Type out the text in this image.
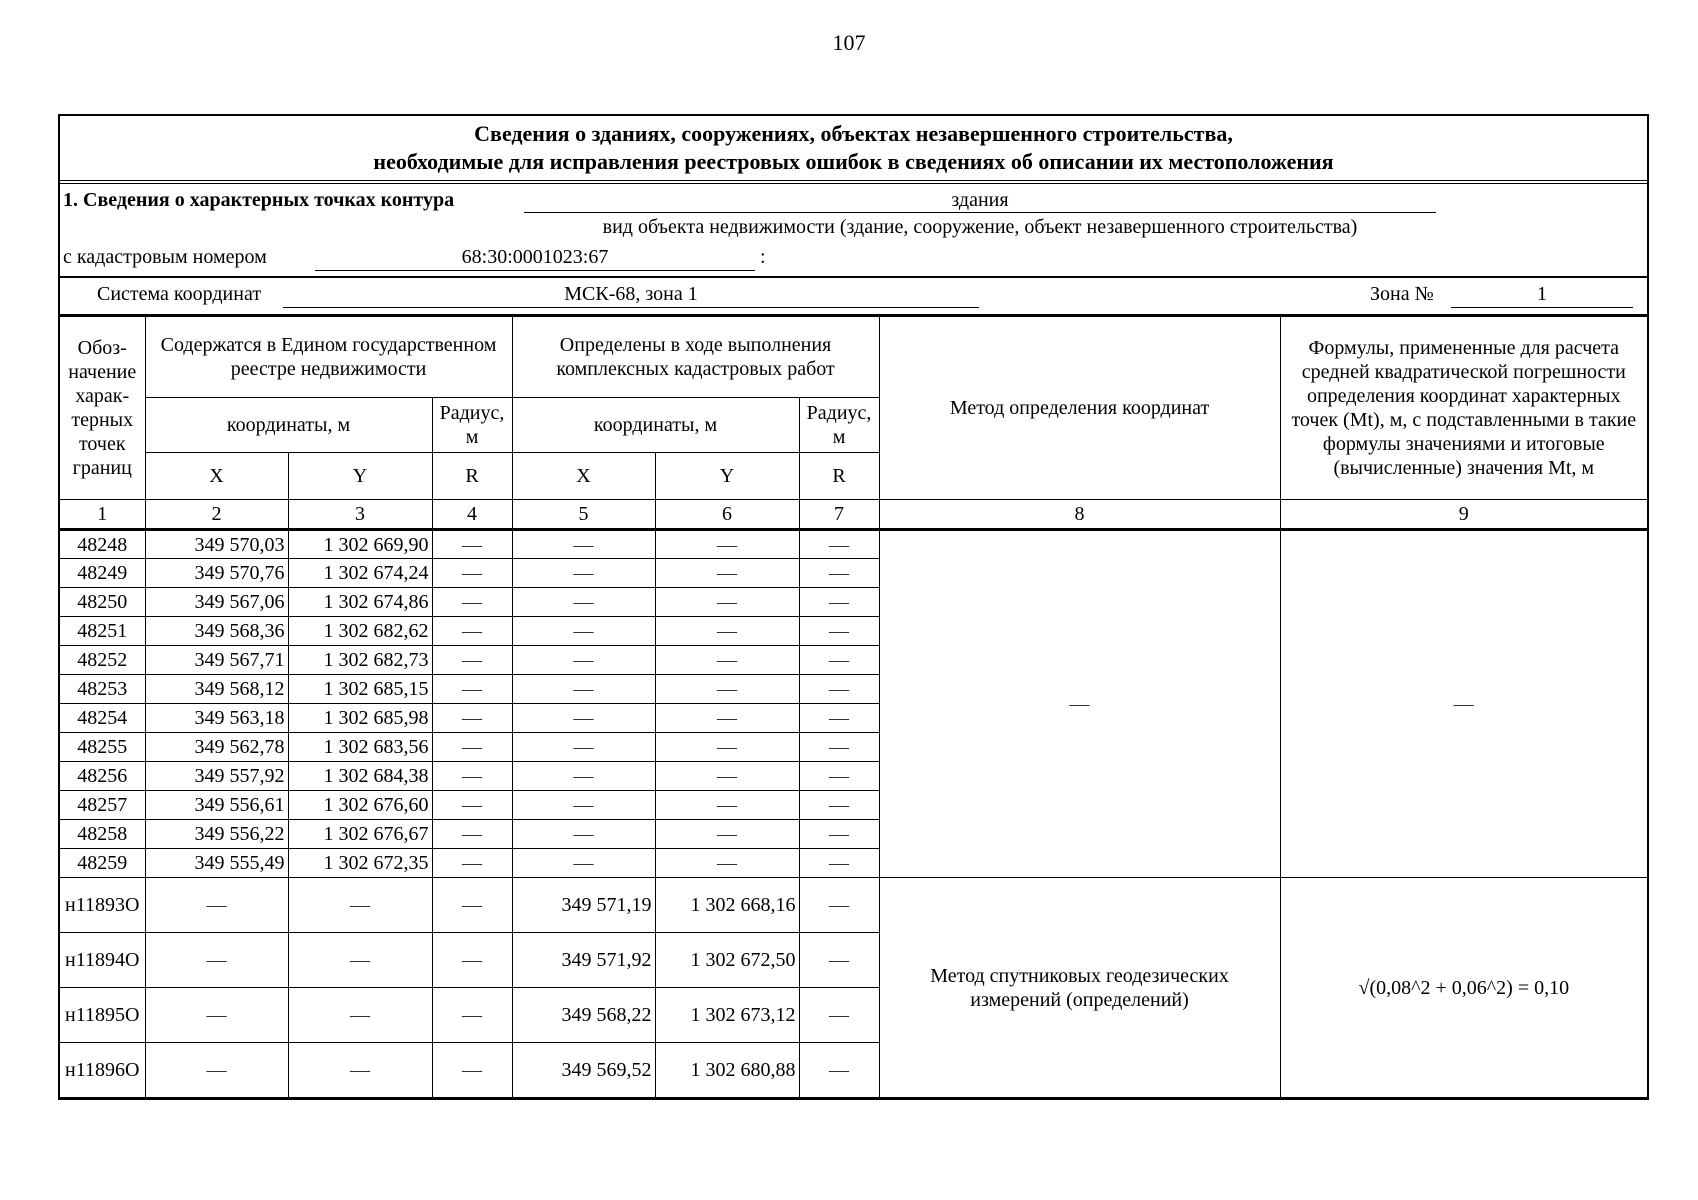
107
Сведения о зданиях, сооружениях, объектах незавершенного строительства,
необходимые для исправления реестровых ошибок в сведениях об описании их местоположения
1. Сведения о характерных точках контура	здания
вид объекта недвижимости (здание, сооружение, объект незавершенного строительства)
с кадастровым номером	68:30:0001023:67	:
Система координат	МСК-68, зона 1	Зона №	1
Обоз-начение харак-терных точек границ	Содержатся в Едином государственном реестре недвижимости			Определены в ходе выполнения комплексных кадастровых работ			Метод определения координат	Формулы, примененные для расчета средней квадратической погрешности определения координат характерных точек (Mt), м, с подставленными в такие формулы значениями и итоговые (вычисленные) значения Mt, м
	координаты, м		Радиус, м	координаты, м		Радиус, м		
	X	Y	R	X	Y	R		
1	2	3	4	5	6	7	8	9
48248	349 570,03	1 302 669,90	—	—	—	—	—	—
48249	349 570,76	1 302 674,24	—	—	—	—		
48250	349 567,06	1 302 674,86	—	—	—	—		
48251	349 568,36	1 302 682,62	—	—	—	—		
48252	349 567,71	1 302 682,73	—	—	—	—		
48253	349 568,12	1 302 685,15	—	—	—	—		
48254	349 563,18	1 302 685,98	—	—	—	—		
48255	349 562,78	1 302 683,56	—	—	—	—		
48256	349 557,92	1 302 684,38	—	—	—	—		
48257	349 556,61	1 302 676,60	—	—	—	—		
48258	349 556,22	1 302 676,67	—	—	—	—		
48259	349 555,49	1 302 672,35	—	—	—	—		
н11893О	—	—	—	349 571,19	1 302 668,16	—	Метод спутниковых геодезических измерений (определений)	√(0,08^2 + 0,06^2) = 0,10
н11894О	—	—	—	349 571,92	1 302 672,50	—		
н11895О	—	—	—	349 568,22	1 302 673,12	—		
н11896О	—	—	—	349 569,52	1 302 680,88	—		
